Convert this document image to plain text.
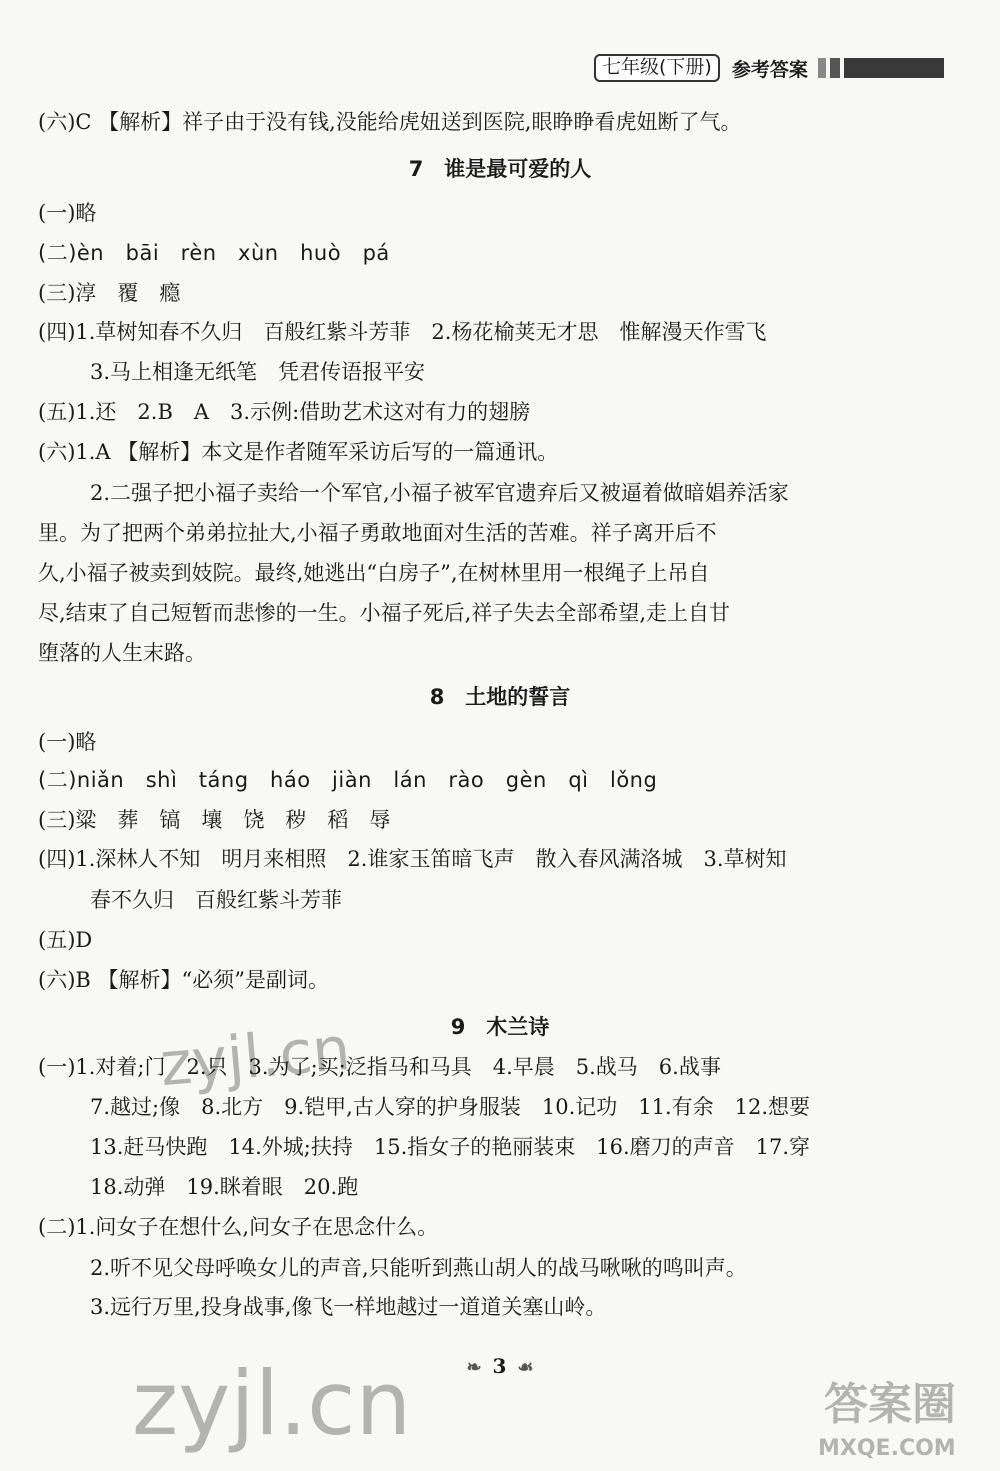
七年级(下册)	参考答案
(六)C 【解析】祥子由于没有钱,没能给虎妞送到医院,眼睁睁看虎妞断了气。
7　谁是最可爱的人
(一)略
(二)èn　bāi　rèn　xùn　huò　pá
(三)淳　覆　瘾
(四)1.草树知春不久归　百般红紫斗芳菲　2.杨花榆荚无才思　惟解漫天作雪飞
3.马上相逢无纸笔　凭君传语报平安
(五)1.还　2.B　A　3.示例:借助艺术这对有力的翅膀
(六)1.A 【解析】本文是作者随军采访后写的一篇通讯。
2.二强子把小福子卖给一个军官,小福子被军官遗弃后又被逼着做暗娼养活家
里。为了把两个弟弟拉扯大,小福子勇敢地面对生活的苦难。祥子离开后不
久,小福子被卖到妓院。最终,她逃出“白房子”,在树林里用一根绳子上吊自
尽,结束了自己短暂而悲惨的一生。小福子死后,祥子失去全部希望,走上自甘
堕落的人生末路。
8　土地的誓言
(一)略
(二)niǎn　shì　táng　háo　jiàn　lán　rào　gèn　qì　lǒng
(三)粱　葬　镐　壤　饶　秽　稻　辱
(四)1.深林人不知　明月来相照　2.谁家玉笛暗飞声　散入春风满洛城　3.草树知
春不久归　百般红紫斗芳菲
(五)D
(六)B 【解析】“必须”是副词。
9　木兰诗
(一)1.对着;门　2.只　3.为了;买;泛指马和马具　4.早晨　5.战马　6.战事
7.越过;像　8.北方　9.铠甲,古人穿的护身服装　10.记功　11.有余　12.想要
13.赶马快跑　14.外城;扶持　15.指女子的艳丽装束　16.磨刀的声音　17.穿
18.动弹　19.眯着眼　20.跑
(二)1.问女子在想什么,问女子在思念什么。
2.听不见父母呼唤女儿的声音,只能听到燕山胡人的战马啾啾的鸣叫声。
3.远行万里,投身战事,像飞一样地越过一道道关塞山岭。
❧ 3 ☙
zyjl.cn
zyjl.cn	答案圈
MXQE.COM
